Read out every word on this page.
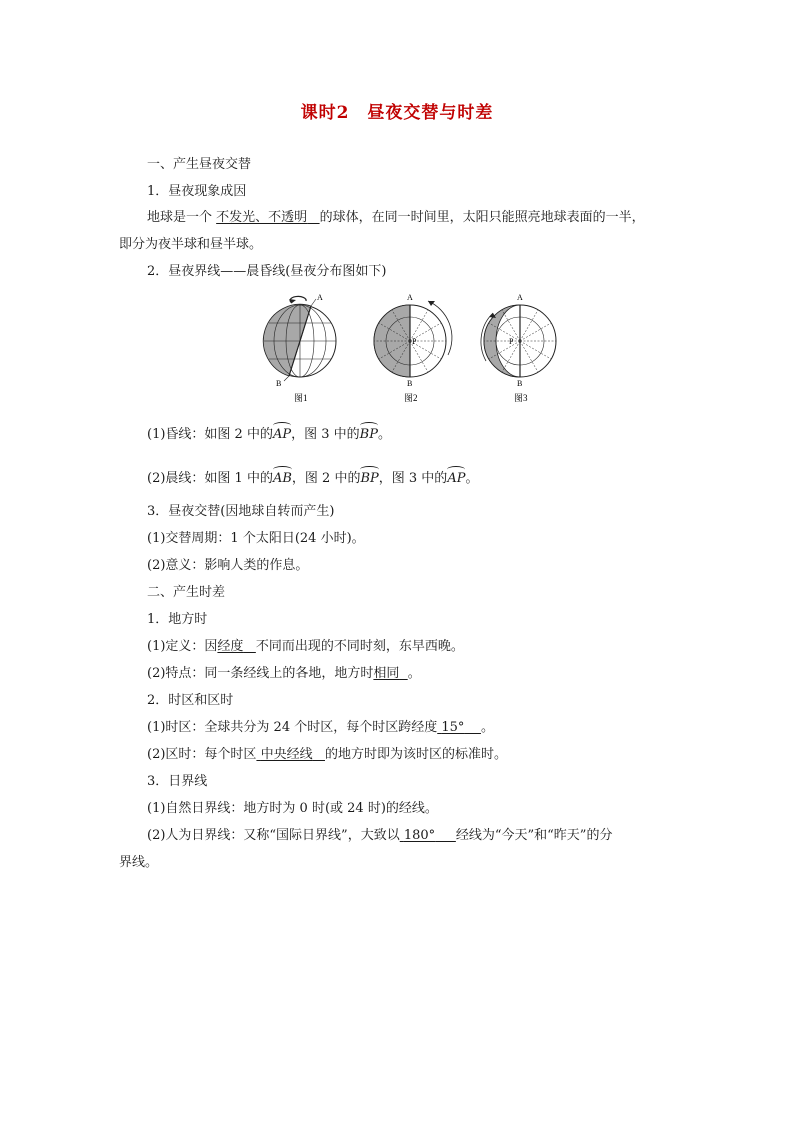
课时2　昼夜交替与时差
一、产生昼夜交替
1．昼夜现象成因
地球是一个 不发光、不透明 的球体，在同一时间里，太阳只能照亮地球表面的一半，
即分为夜半球和昼半球。
2．昼夜界线——晨昏线(昼夜分布图如下)
A
B
图1
A
P
B
图2
A
P
B
图3
(1)昏线：如图 2 中的AP，图 3 中的BP。
(2)晨线：如图 1 中的AB，图 2 中的BP，图 3 中的AP。
3．昼夜交替(因地球自转而产生)
(1)交替周期：1 个太阳日(24 小时)。
(2)意义：影响人类的作息。
二、产生时差
1．地方时
(1)定义：因经度 不同而出现的不同时刻，东早西晚。
(2)特点：同一条经线上的各地，地方时相同 。
2．时区和区时
(1)时区：全球共分为 24 个时区，每个时区跨经度 15° 。
(2)区时：每个时区 中央经线 的地方时即为该时区的标准时。
3．日界线
(1)自然日界线：地方时为 0 时(或 24 时)的经线。
(2)人为日界线：又称“国际日界线”，大致以 180° 经线为“今天”和“昨天”的分
界线。
